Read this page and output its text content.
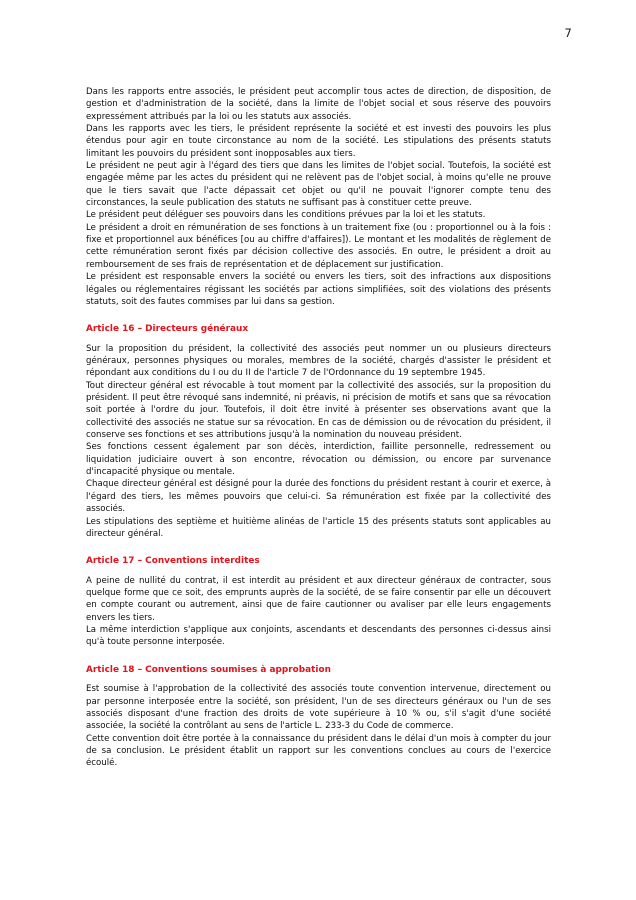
7

Dans les rapports entre associés, le président peut accomplir tous actes de direction, de disposition, de gestion et d'administration de la société, dans la limite de l'objet social et sous réserve des pouvoirs expressément attribués par la loi ou les statuts aux associés.

Dans les rapports avec les tiers, le président représente la société et est investi des pouvoirs les plus étendus pour agir en toute circonstance au nom de la société. Les stipulations des présents statuts limitant les pouvoirs du président sont inopposables aux tiers.

Le président ne peut agir à l'égard des tiers que dans les limites de l'objet social. Toutefois, la société est engagée même par les actes du président qui ne relèvent pas de l'objet social, à moins qu'elle ne prouve que le tiers savait que l'acte dépassait cet objet ou qu'il ne pouvait l'ignorer compte tenu des circonstances, la seule publication des statuts ne suffisant pas à constituer cette preuve.

Le président peut déléguer ses pouvoirs dans les conditions prévues par la loi et les statuts.

Le président a droit en rémunération de ses fonctions à un traitement fixe (ou : proportionnel ou à la fois : fixe et proportionnel aux bénéfices [ou au chiffre d'affaires]). Le montant et les modalités de règlement de cette rémunération seront fixés par décision collective des associés. En outre, le président a droit au remboursement de ses frais de représentation et de déplacement sur justification.

Le président est responsable envers la société ou envers les tiers, soit des infractions aux dispositions légales ou réglementaires régissant les sociétés par actions simplifiées, soit des violations des présents statuts, soit des fautes commises par lui dans sa gestion.

Article 16 – Directeurs généraux

Sur la proposition du président, la collectivité des associés peut nommer un ou plusieurs directeurs généraux, personnes physiques ou morales, membres de la société, chargés d'assister le président et répondant aux conditions du I ou du II de l'article 7 de l'Ordonnance du 19 septembre 1945.

Tout directeur général est révocable à tout moment par la collectivité des associés, sur la proposition du président. Il peut être révoqué sans indemnité, ni préavis, ni précision de motifs et sans que sa révocation soit portée à l'ordre du jour. Toutefois, il doit être invité à présenter ses observations avant que la collectivité des associés ne statue sur sa révocation. En cas de démission ou de révocation du président, il conserve ses fonctions et ses attributions jusqu'à la nomination du nouveau président.

Ses fonctions cessent également par son décès, interdiction, faillite personnelle, redressement ou liquidation judiciaire ouvert à son encontre, révocation ou démission, ou encore par survenance d'incapacité physique ou mentale.

Chaque directeur général est désigné pour la durée des fonctions du président restant à courir et exerce, à l'égard des tiers, les mêmes pouvoirs que celui-ci. Sa rémunération est fixée par la collectivité des associés.

Les stipulations des septième et huitième alinéas de l'article 15 des présents statuts sont applicables au directeur général.

Article 17 – Conventions interdites

A peine de nullité du contrat, il est interdit au président et aux directeur généraux de contracter, sous quelque forme que ce soit, des emprunts auprès de la société, de se faire consentir par elle un découvert en compte courant ou autrement, ainsi que de faire cautionner ou avaliser par elle leurs engagements envers les tiers.

La même interdiction s'applique aux conjoints, ascendants et descendants des personnes ci-dessus ainsi qu'à toute personne interposée.

Article 18 – Conventions soumises à approbation

Est soumise à l'approbation de la collectivité des associés toute convention intervenue, directement ou par personne interposée entre la société, son président, l'un de ses directeurs généraux ou l'un de ses associés disposant d'une fraction des droits de vote supérieure à 10 % ou, s'il s'agit d'une société associée, la société la contrôlant au sens de l'article L. 233-3 du Code de commerce.

Cette convention doit être portée à la connaissance du président dans le délai d'un mois à compter du jour de sa conclusion. Le président établit un rapport sur les conventions conclues au cours de l'exercice écoulé.
